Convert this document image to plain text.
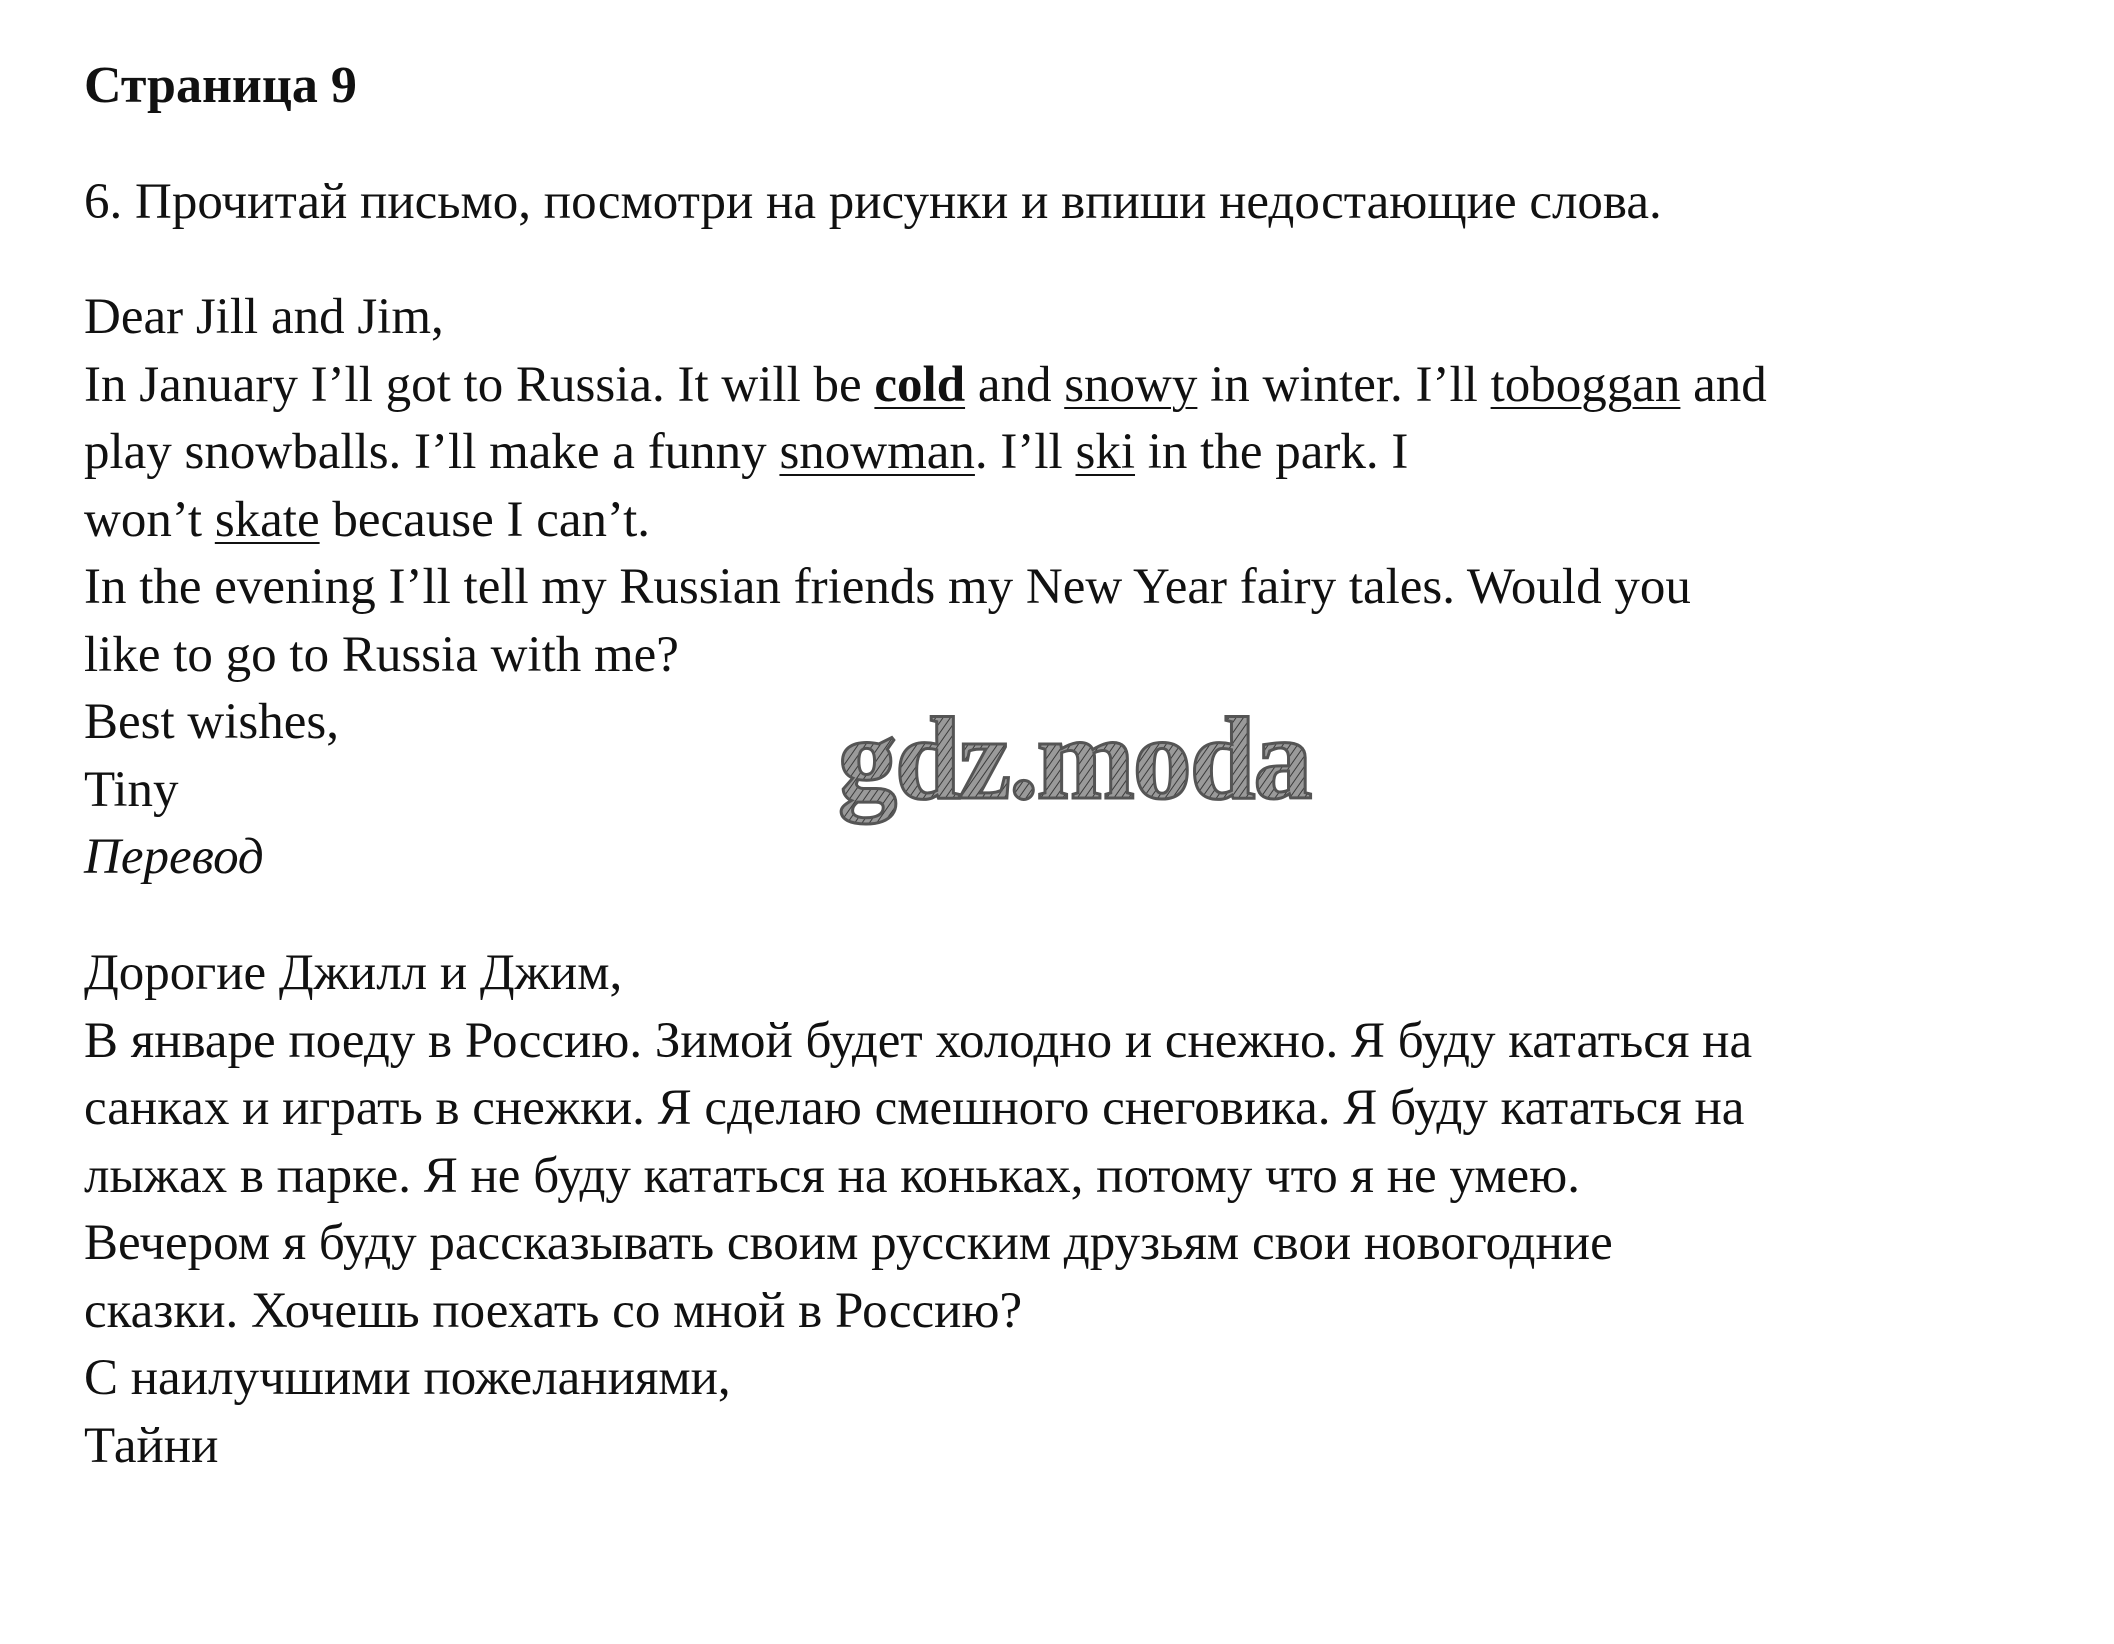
Страница 9
6. Прочитай письмо, посмотри на рисунки и впиши недостающие слова.
Dear Jill and Jim,
In January I’ll got to Russia. It will be cold and snowy in winter. I’ll toboggan and
play snowballs. I’ll make a funny snowman. I’ll ski in the park. I
won’t skate because I can’t.
In the evening I’ll tell my Russian friends my New Year fairy tales. Would you
like to go to Russia with me?
Best wishes,
Tiny
Перевод
Дорогие Джилл и Джим,
В январе поеду в Россию. Зимой будет холодно и снежно. Я буду кататься на
санках и играть в снежки. Я сделаю смешного снеговика. Я буду кататься на
лыжах в парке. Я не буду кататься на коньках, потому что я не умею.
Вечером я буду рассказывать своим русским друзьям свои новогодние
сказки. Хочешь поехать со мной в Россию?
С наилучшими пожеланиями,
Тайни
gdz.moda
